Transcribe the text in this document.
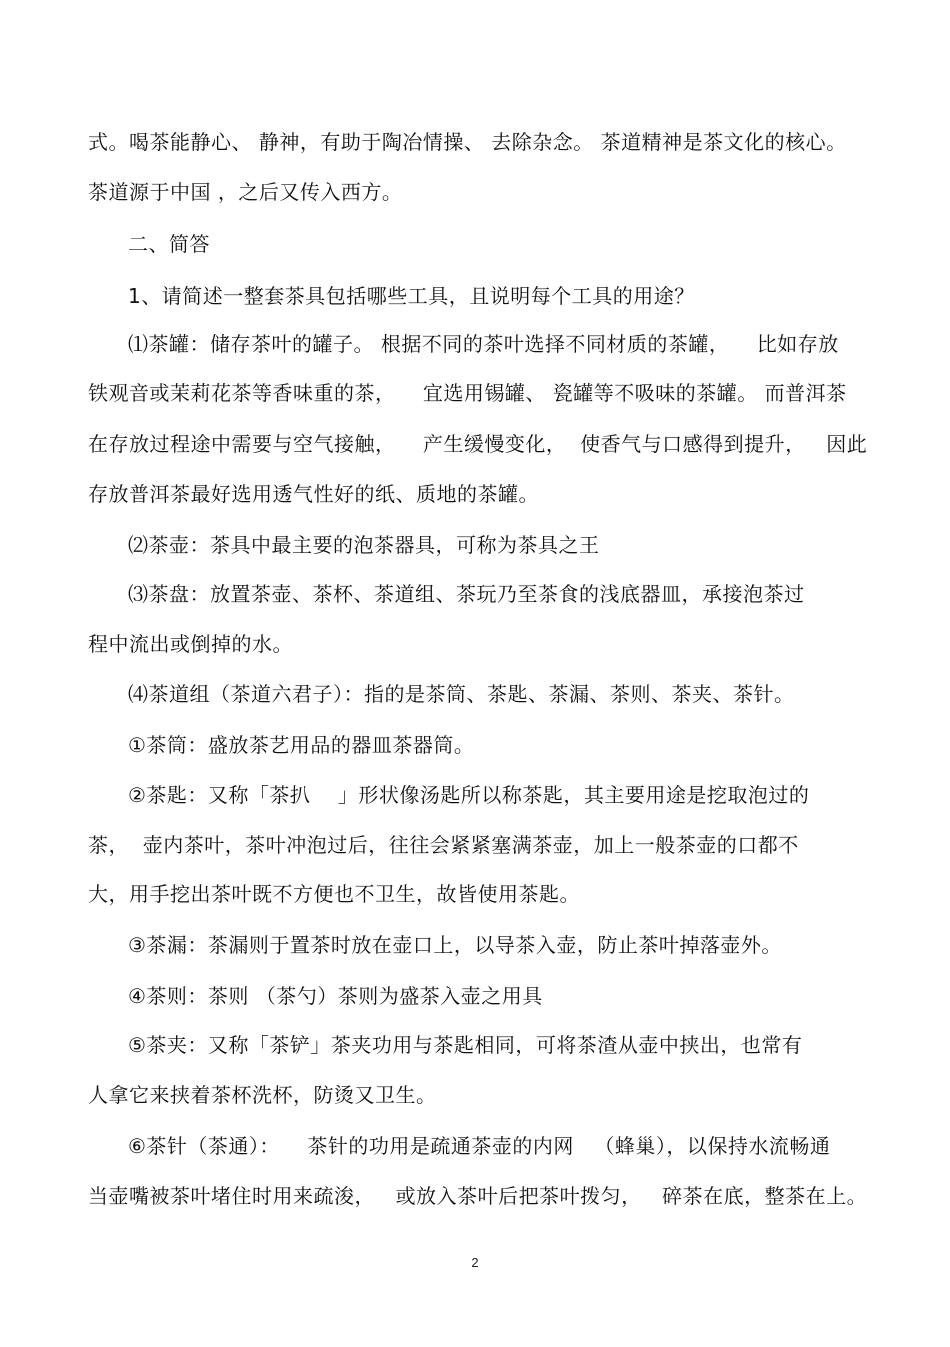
式。喝茶能静心、 静神，有助于陶冶情操、 去除杂念。 茶道精神是茶文化的核心。
茶道源于中国 ，之后又传入西方。
二、简答
1、请简述一整套茶具包括哪些工具，且说明每个工具的用途？
⑴茶罐：储存茶叶的罐子。 根据不同的茶叶选择不同材质的茶罐，    比如存放
铁观音或茉莉花茶等香味重的茶，    宜选用锡罐、 瓷罐等不吸味的茶罐。 而普洱茶
在存放过程途中需要与空气接触，    产生缓慢变化，  使香气与口感得到提升，   因此
存放普洱茶最好选用透气性好的纸、质地的茶罐。
⑵茶壶：茶具中最主要的泡茶器具，可称为茶具之王
⑶茶盘：放置茶壶、茶杯、茶道组、茶玩乃至茶食的浅底器皿，承接泡茶过
程中流出或倒掉的水。
⑷茶道组（茶道六君子）：指的是茶筒、茶匙、茶漏、茶则、茶夹、茶针。
①茶筒：盛放茶艺用品的器皿茶器筒。
②茶匙：又称「茶扒    」形状像汤匙所以称茶匙，其主要用途是挖取泡过的
茶，  壶内茶叶，茶叶冲泡过后，往往会紧紧塞满茶壶，加上一般茶壶的口都不
大，用手挖出茶叶既不方便也不卫生，故皆使用茶匙。
③茶漏：茶漏则于置茶时放在壶口上，以导茶入壶，防止茶叶掉落壶外。
④茶则：茶则 （茶勺）茶则为盛茶入壶之用具
⑤茶夹：又称「茶铲」茶夹功用与茶匙相同，可将茶渣从壶中挟出，也常有
人拿它来挟着茶杯洗杯，防烫又卫生。
⑥茶针（茶通）：    茶针的功用是疏通茶壶的内网   （蜂巢），以保持水流畅通
当壶嘴被茶叶堵住时用来疏浚，   或放入茶叶后把茶叶拨匀，   碎茶在底，整茶在上。
2
